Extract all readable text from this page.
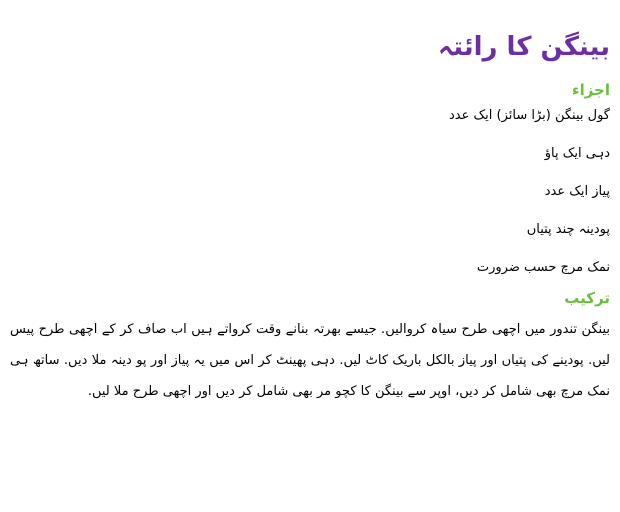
بینگن کا رائتہ
اجزاء
گول بینگن (بڑا سائز) ایک عدد
دہی ایک پاؤ
پیاز ایک عدد
پودینہ چند پتیاں
نمک مرچ حسب ضرورت
ترکیب

بینگن تندور میں اچھی طرح سیاہ کروالیں. جیسے بھرتہ بنانے وقت کرواتے ہیں اب صاف کر کے اچھی طرح پیس لیں. پودینے کی پتیاں اور پیاز بالکل باریک کاٹ لیں. دہی پھینٹ کر اس میں یہ پیاز اور پو دینہ ملا دیں. ساتھ ہی نمک مرچ بھی شامل کر دیں، اوپر سے بینگن کا کچو مر بھی شامل کر دیں اور اچھی طرح ملا لیں.
